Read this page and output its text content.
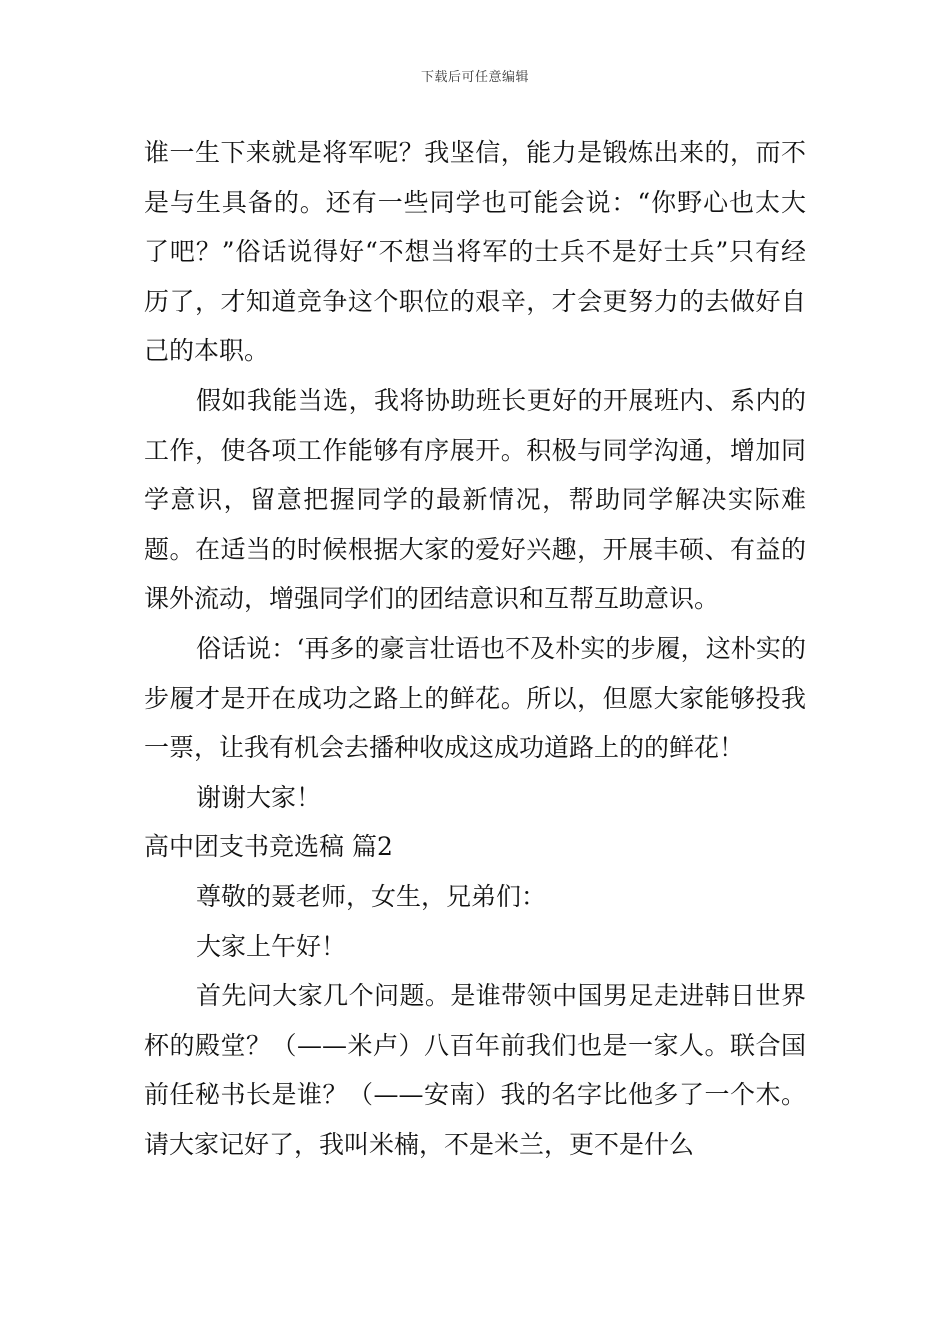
下载后可任意编辑

谁一生下来就是将军呢？我坚信，能力是锻炼出来的，而不是与生具备的。还有一些同学也可能会说：“你野心也太大了吧？”俗话说得好“不想当将军的士兵不是好士兵”只有经历了，才知道竞争这个职位的艰辛，才会更努力的去做好自己的本职。

假如我能当选，我将协助班长更好的开展班内、系内的工作，使各项工作能够有序展开。积极与同学沟通，增加同学意识，留意把握同学的最新情况，帮助同学解决实际难题。在适当的时候根据大家的爱好兴趣，开展丰硕、有益的课外流动，增强同学们的团结意识和互帮互助意识。

俗话说：‘再多的豪言壮语也不及朴实的步履，这朴实的步履才是开在成功之路上的鲜花。所以，但愿大家能够投我一票，让我有机会去播种收成这成功道路上的的鲜花！

谢谢大家！

高中团支书竞选稿 篇2

尊敬的聂老师，女生，兄弟们：

大家上午好！

首先问大家几个问题。是谁带领中国男足走进韩日世界杯的殿堂？（——米卢）八百年前我们也是一家人。联合国前任秘书长是谁？（——安南）我的名字比他多了一个木。请大家记好了，我叫米楠，不是米兰，更不是什么
